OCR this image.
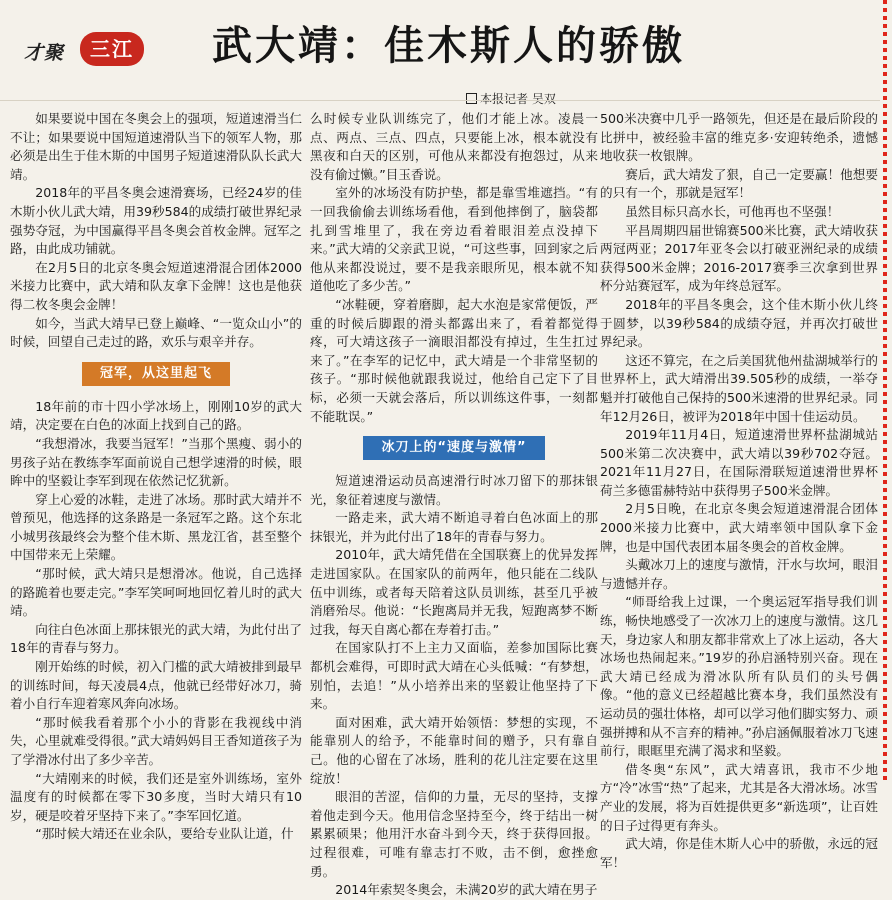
才聚	三江 武大靖：佳木斯人的骄傲
本报记者 吴双

如果要说中国在冬奥会上的强项，短道速滑当仁不让；如果要说中国短道速滑队当下的领军人物，那必须是出生于佳木斯的中国男子短道速滑队队长武大靖。

2018年的平昌冬奥会速滑赛场，已经24岁的佳木斯小伙儿武大靖，用39秒584的成绩打破世界纪录强势夺冠，为中国赢得平昌冬奥会首枚金牌。冠军之路，由此成功铺就。

在2月5日的北京冬奥会短道速滑混合团体2000米接力比赛中，武大靖和队友拿下金牌！这也是他获得二枚冬奥会金牌！

如今，当武大靖早已登上巅峰、“一览众山小”的时候，回望自己走过的路，欢乐与艰辛并存。

冠军，从这里起飞

18年前的市十四小学冰场上，刚刚10岁的武大靖，决定要在白色的冰面上找到自己的路。

“我想滑冰，我要当冠军！”当那个黑瘦、弱小的男孩子站在教练李军面前说自己想学速滑的时候，眼眸中的坚毅让李军到现在依然记忆犹新。

穿上心爱的冰鞋，走进了冰场。那时武大靖并不曾预见，他选择的这条路是一条冠军之路。这个东北小城男孩最终会为整个佳木斯、黑龙江省，甚至整个中国带来无上荣耀。

“那时候，武大靖只是想滑冰。他说，自己选择的路跪着也要走完。”李军笑呵呵地回忆着儿时的武大靖。

向往白色冰面上那抹银光的武大靖，为此付出了18年的青春与努力。

刚开始练的时候，初入门槛的武大靖被排到最早的训练时间，每天凌晨4点，他就已经带好冰刀，骑着小自行车迎着寒风奔向冰场。

“那时候我看着那个小小的背影在我视线中消失，心里就难受得很。”武大靖妈妈目王香知道孩子为了学滑冰付出了多少辛苦。

“大靖刚来的时候，我们还是室外训练场，室外温度有的时候都在零下30多度，当时大靖只有10岁，硬是咬着牙坚持下来了。”李军回忆道。

“那时候大靖还在业余队，要给专业队让道，什

么时候专业队训练完了，他们才能上冰。凌晨一点、两点、三点、四点，只要能上冰，根本就没有黑夜和白天的区别，可他从来都没有抱怨过，从来没有偷过懒。”目玉香说。

室外的冰场没有防护垫，都是靠雪堆遮挡。“有一回我偷偷去训练场看他，看到他摔倒了，脑袋都扎到雪堆里了，我在旁边看着眼泪差点没掉下来。”武大靖的父亲武卫说，“可这些事，回到家之后他从来都没说过，要不是我亲眼所见，根本就不知道他吃了多少苦。”

“冰鞋硬，穿着磨脚，起大水泡是家常便饭，严重的时候后脚跟的滑头都露出来了，看着都觉得疼，可大靖这孩子一滴眼泪都没有掉过，生生扛过来了。”在李军的记忆中，武大靖是一个非常坚韧的孩子。“那时候他就跟我说过，他给自己定下了目标，必须一天就会落后，所以训练这件事，一刻都不能耽误。”

冰刀上的“速度与激情”

短道速滑运动员高速滑行时冰刀留下的那抹银光，象征着速度与激情。

一路走来，武大靖不断追寻着白色冰面上的那抹银光，并为此付出了18年的青春与努力。

2010年，武大靖凭借在全国联赛上的优异发挥走进国家队。在国家队的前两年，他只能在二线队伍中训练，或者每天陪着这队员训练，甚至几乎被消磨殆尽。他说：“长跑离局并无我，短跑离梦不断过我，每天自离心都在寿着打击。”

在国家队打不上主力又面临，差参加国际比赛都机会难得，可即时武大靖在心头低喊：“有梦想，别怕，去追！”从小培养出来的坚毅让他坚持了下来。

面对困难，武大靖开始领悟：梦想的实现，不能靠别人的给予，不能靠时间的赠予，只有靠自己。他的心留在了冰场，胜利的花儿注定要在这里绽放！

眼泪的苦涩，信仰的力量，无尽的坚持，支撑着他走到今天。他用信念坚持至今，终于结出一树累累硕果；他用汗水奋斗到今天，终于获得回报。过程很难，可唯有靠志打不败，击不倒，愈挫愈勇。

2014年索契冬奥会，未满20岁的武大靖在男子

500米决赛中几乎一路领先，但还是在最后阶段的比拼中，被经验丰富的维克多·安迎转绝杀，遗憾地收获一枚银牌。

赛后，武大靖发了狠，自己一定要赢！他想要的只有一个，那就是冠军！

虽然目标只高水长，可他再也不坚强！

平昌周期四届世锦赛500米比赛，武大靖收获两冠两亚；2017年亚冬会以打破亚洲纪录的成绩获得500米金牌；2016-2017赛季三次拿到世界杯分站赛冠军，成为年终总冠军。

2018年的平昌冬奥会，这个佳木斯小伙儿终于圆梦，以39秒584的成绩夺冠，并再次打破世界纪录。

这还不算完，在之后美国犹他州盐湖城举行的世界杯上，武大靖滑出39.505秒的成绩，一举夺魁并打破他自己保持的500米速滑的世界纪录。同年12月26日，被评为2018年中国十佳运动员。

2019年11月4日，短道速滑世界杯盐湖城站500米第二次决赛中，武大靖以39秒702夺冠。2021年11月27日，在国际滑联短道速滑世界杯荷兰多德雷赫特站中获得男子500米金牌。

2月5日晚，在北京冬奥会短道速滑混合团体2000米接力比赛中，武大靖率领中国队拿下金牌，也是中国代表团本届冬奥会的首枚金牌。

头戴冰刀上的速度与激情，汗水与坎坷，眼泪与遗憾并存。

“师哥给我上过课，一个奥运冠军指导我们训练，畅快地感受了一次冰刀上的速度与激情。这几天，身边家人和朋友都非常欢上了冰上运动，各大冰场也热闹起来。”19岁的孙启涵特别兴奋。现在武大靖已经成为滑冰队所有队员们的头号偶像。“他的意义已经超越比赛本身，我们虽然没有运动员的强壮体格，却可以学习他们脚实努力、顽强拼搏和从不言弃的精神。”孙启涵佩服着冰刀飞速前行，眼眶里充满了渴求和坚毅。

借冬奥“东风”，武大靖喜讯，我市不少地方“冷”冰雪“热”了起来，尤其是各大滑冰场。冰雪产业的发展，将为百姓提供更多“新选项”，让百姓的日子过得更有奔头。

武大靖，你是佳木斯人心中的骄傲，永远的冠军！
